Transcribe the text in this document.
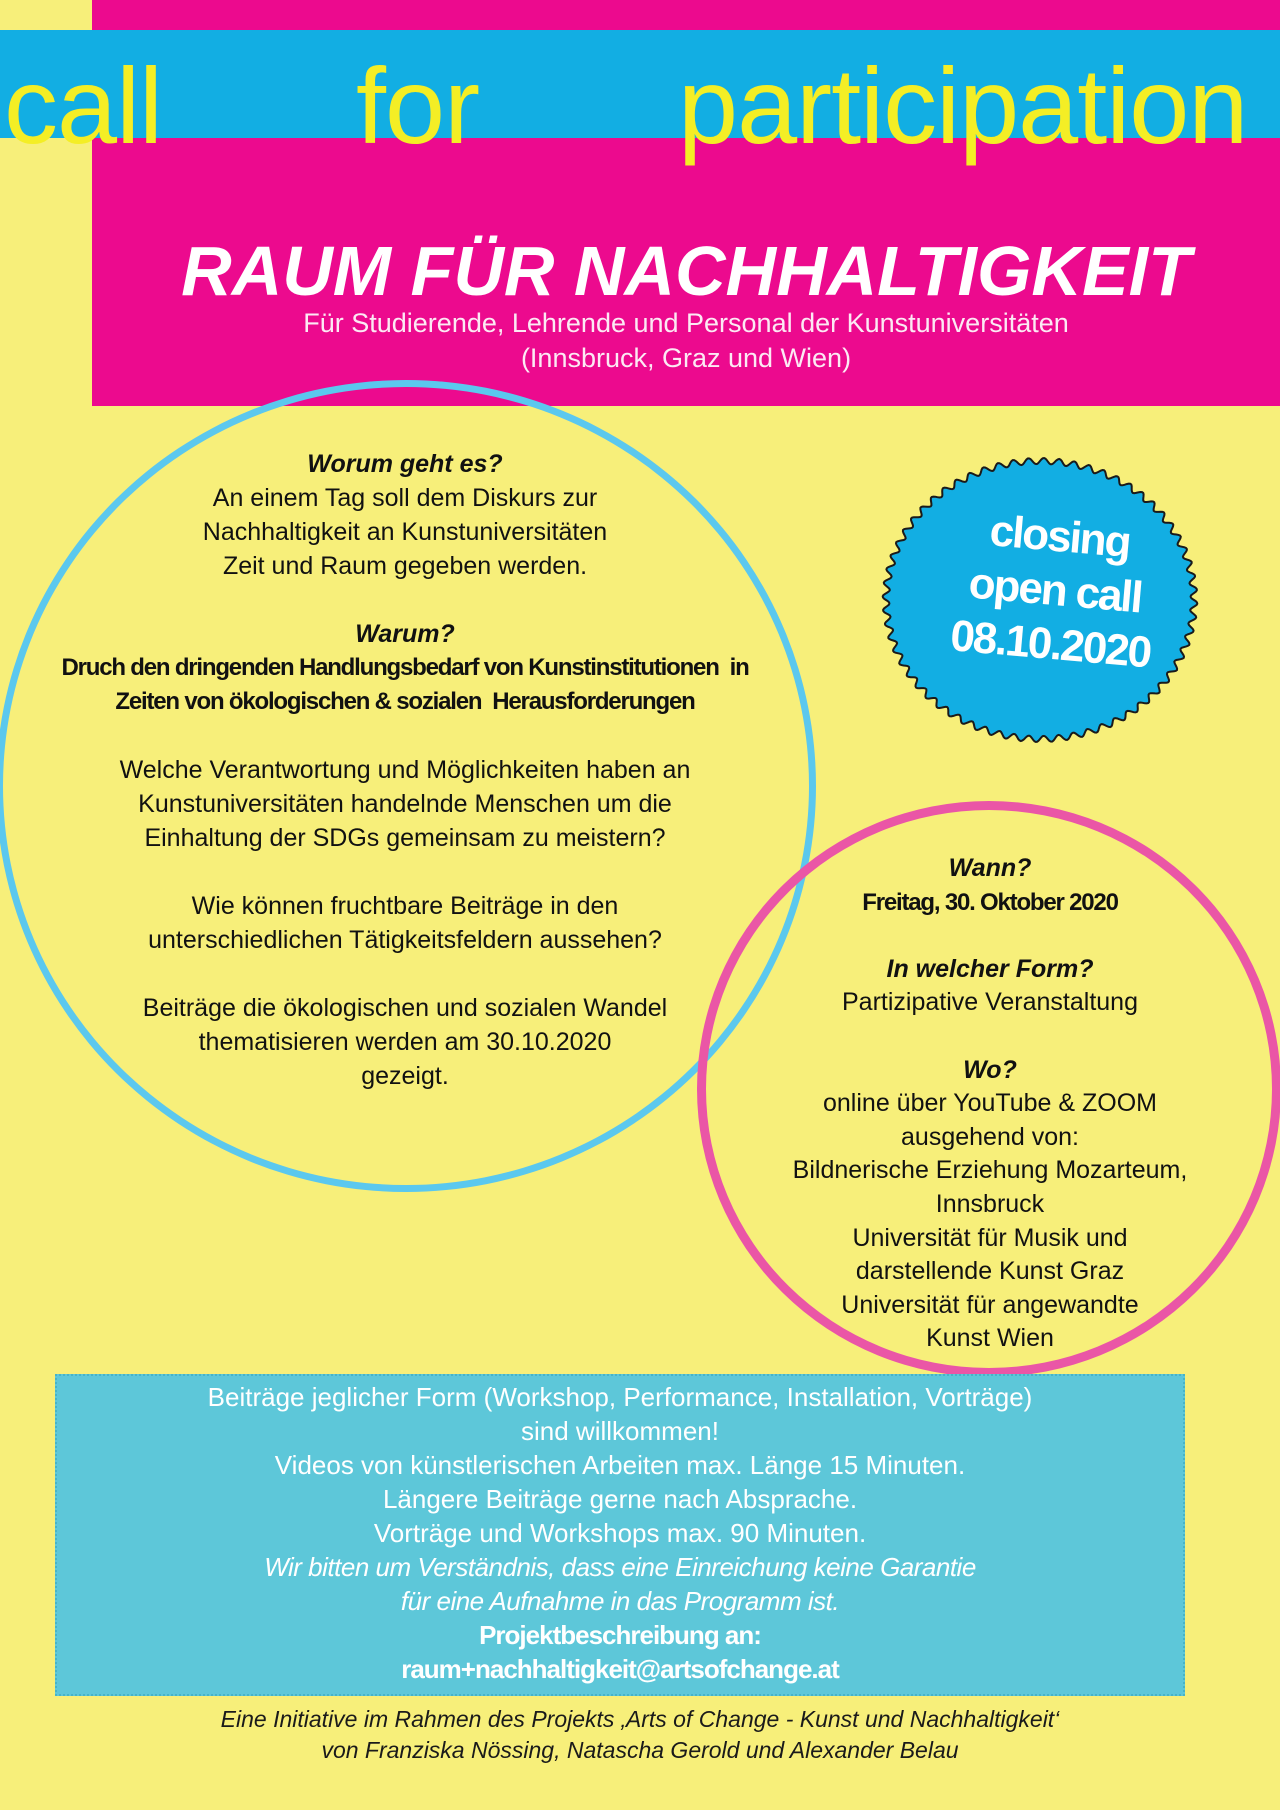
call for participation
RAUM FÜR NACHHALTIGKEIT
Für Studierende, Lehrende und Personal der Kunstuniversitäten
(Innsbruck, Graz und Wien)
Worum geht es?
An einem Tag soll dem Diskurs zur
Nachhaltigkeit an Kunstuniversitäten
Zeit und Raum gegeben werden.
Warum?
Druch den dringenden Handlungsbedarf von Kunstinstitutionen  in
Zeiten von ökologischen & sozialen  Herausforderungen
Welche Verantwortung und Möglichkeiten haben an
Kunstuniversitäten handelnde Menschen um die
Einhaltung der SDGs gemeinsam zu meistern?
Wie können fruchtbare Beiträge in den
unterschiedlichen Tätigkeitsfeldern aussehen?
Beiträge die ökologischen und sozialen Wandel
thematisieren werden am 30.10.2020
gezeigt.
closing
open call
08.10.2020
Wann?
Freitag, 30. Oktober 2020
In welcher Form?
Partizipative Veranstaltung
Wo?
online über YouTube & ZOOM
ausgehend von:
Bildnerische Erziehung Mozarteum,
Innsbruck
Universität für Musik und
darstellende Kunst Graz
Universität für angewandte
Kunst Wien
Beiträge jeglicher Form (Workshop, Performance, Installation, Vorträge)
sind willkommen!
Videos von künstlerischen Arbeiten max. Länge 15 Minuten.
Längere Beiträge gerne nach Absprache.
Vorträge und Workshops max. 90 Minuten.
Wir bitten um Verständnis, dass eine Einreichung keine Garantie
für eine Aufnahme in das Programm ist.
Projektbeschreibung an:
raum+nachhaltigkeit@artsofchange.at
Eine Initiative im Rahmen des Projekts ‚Arts of Change - Kunst und Nachhaltigkeit‘
von Franziska Nössing, Natascha Gerold und Alexander Belau
